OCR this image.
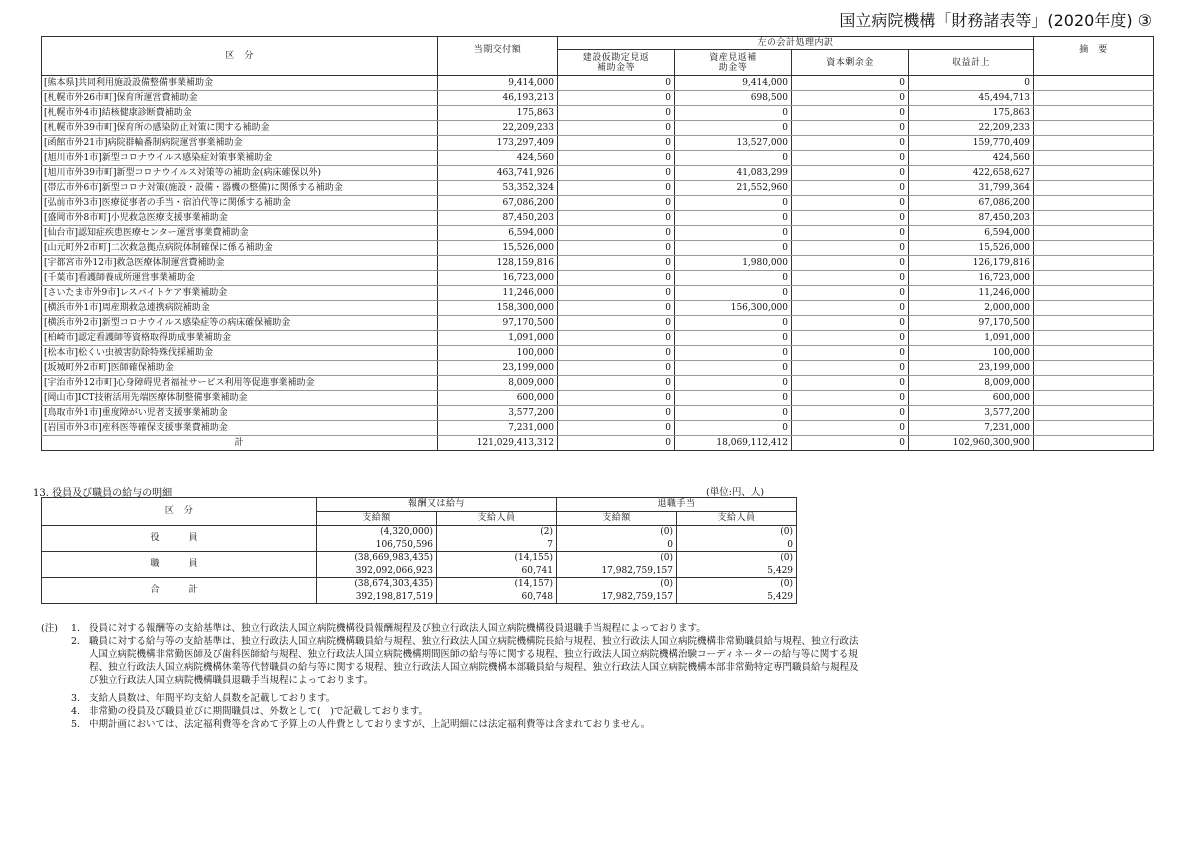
国立病院機構「財務諸表等」(2020年度) ③
区　分	当期交付額	左の会計処理内訳				摘　要
		建設仮勘定見返補助金等	資産見返補助金等	資本剰余金	収益計上	
[熊本県]共同利用施設設備整備事業補助金	9,414,000	0	9,414,000	0	0	
[札幌市外26市町]保育所運営費補助金	46,193,213	0	698,500	0	45,494,713	
[札幌市外4市]結核健康診断費補助金	175,863	0	0	0	175,863	
[札幌市外39市町]保育所の感染防止対策に関する補助金	22,209,233	0	0	0	22,209,233	
[函館市外21市]病院群輪番制病院運営事業補助金	173,297,409	0	13,527,000	0	159,770,409	
[旭川市外1市]新型コロナウイルス感染症対策事業補助金	424,560	0	0	0	424,560	
[旭川市外39市町]新型コロナウイルス対策等の補助金(病床確保以外)	463,741,926	0	41,083,299	0	422,658,627	
[帯広市外6市]新型コロナ対策(施設・設備・器機の整備)に関係する補助金	53,352,324	0	21,552,960	0	31,799,364	
[弘前市外3市]医療従事者の手当・宿泊代等に関係する補助金	67,086,200	0	0	0	67,086,200	
[盛岡市外8市町]小児救急医療支援事業補助金	87,450,203	0	0	0	87,450,203	
[仙台市]認知症疾患医療センター運営事業費補助金	6,594,000	0	0	0	6,594,000	
[山元町外2市町]二次救急拠点病院体制確保に係る補助金	15,526,000	0	0	0	15,526,000	
[宇都宮市外12市]救急医療体制運営費補助金	128,159,816	0	1,980,000	0	126,179,816	
[千葉市]看護師養成所運営事業補助金	16,723,000	0	0	0	16,723,000	
[さいたま市外9市]レスパイトケア事業補助金	11,246,000	0	0	0	11,246,000	
[横浜市外1市]周産期救急連携病院補助金	158,300,000	0	156,300,000	0	2,000,000	
[横浜市外2市]新型コロナウイルス感染症等の病床確保補助金	97,170,500	0	0	0	97,170,500	
[柏崎市]認定看護師等資格取得助成事業補助金	1,091,000	0	0	0	1,091,000	
[松本市]松くい虫被害防除特殊伐採補助金	100,000	0	0	0	100,000	
[坂城町外2市町]医師確保補助金	23,199,000	0	0	0	23,199,000	
[宇治市外12市町]心身障碍児者福祉サービス利用等促進事業補助金	8,009,000	0	0	0	8,009,000	
[岡山市]ICT技術活用先端医療体制整備事業補助金	600,000	0	0	0	600,000	
[鳥取市外1市]重度障がい児者支援事業補助金	3,577,200	0	0	0	3,577,200	
[岩国市外3市]産科医等確保支援事業費補助金	7,231,000	0	0	0	7,231,000	
計	121,029,413,312	0	18,069,112,412	0	102,960,300,900	
13. 役員及び職員の給与の明細	(単位:円、人)
区　分	報酬又は給与		退職手当	
	支給額	支給人員	支給額	支給人員
役　員	(4,320,000)	(2)	(0)	(0)
	106,750,596	7	0	0
職　員	(38,669,983,435)	(14,155)	(0)	(0)
	392,092,066,923	60,741	17,982,759,157	5,429
合　計	(38,674,303,435)	(14,157)	(0)	(0)
	392,198,817,519	60,748	17,982,759,157	5,429
(注)	1. 役員に対する報酬等の支給基準は、独立行政法人国立病院機構役員報酬規程及び独立行政法人国立病院機構役員退職手当規程によっております。
2. 職員に対する給与等の支給基準は、独立行政法人国立病院機構職員給与規程、独立行政法人国立病院機構院長給与規程、独立行政法人国立病院機構非常勤職員給与規程、独立行政法人国立病院機構非常勤医師及び歯科医師給与規程、独立行政法人国立病院機構期間医師の給与等に関する規程、独立行政法人国立病院機構治験コーディネーターの給与等に関する規程、独立行政法人国立病院機構休業等代替職員の給与等に関する規程、独立行政法人国立病院機構本部職員給与規程、独立行政法人国立病院機構本部非常勤特定専門職員給与規程及び独立行政法人国立病院機構職員退職手当規程によっております。
3. 支給人員数は、年間平均支給人員数を記載しております。
4. 非常勤の役員及び職員並びに期間職員は、外数として(　)で記載しております。
5. 中期計画においては、法定福利費等を含めて予算上の人件費としておりますが、上記明細には法定福利費等は含まれておりません。
